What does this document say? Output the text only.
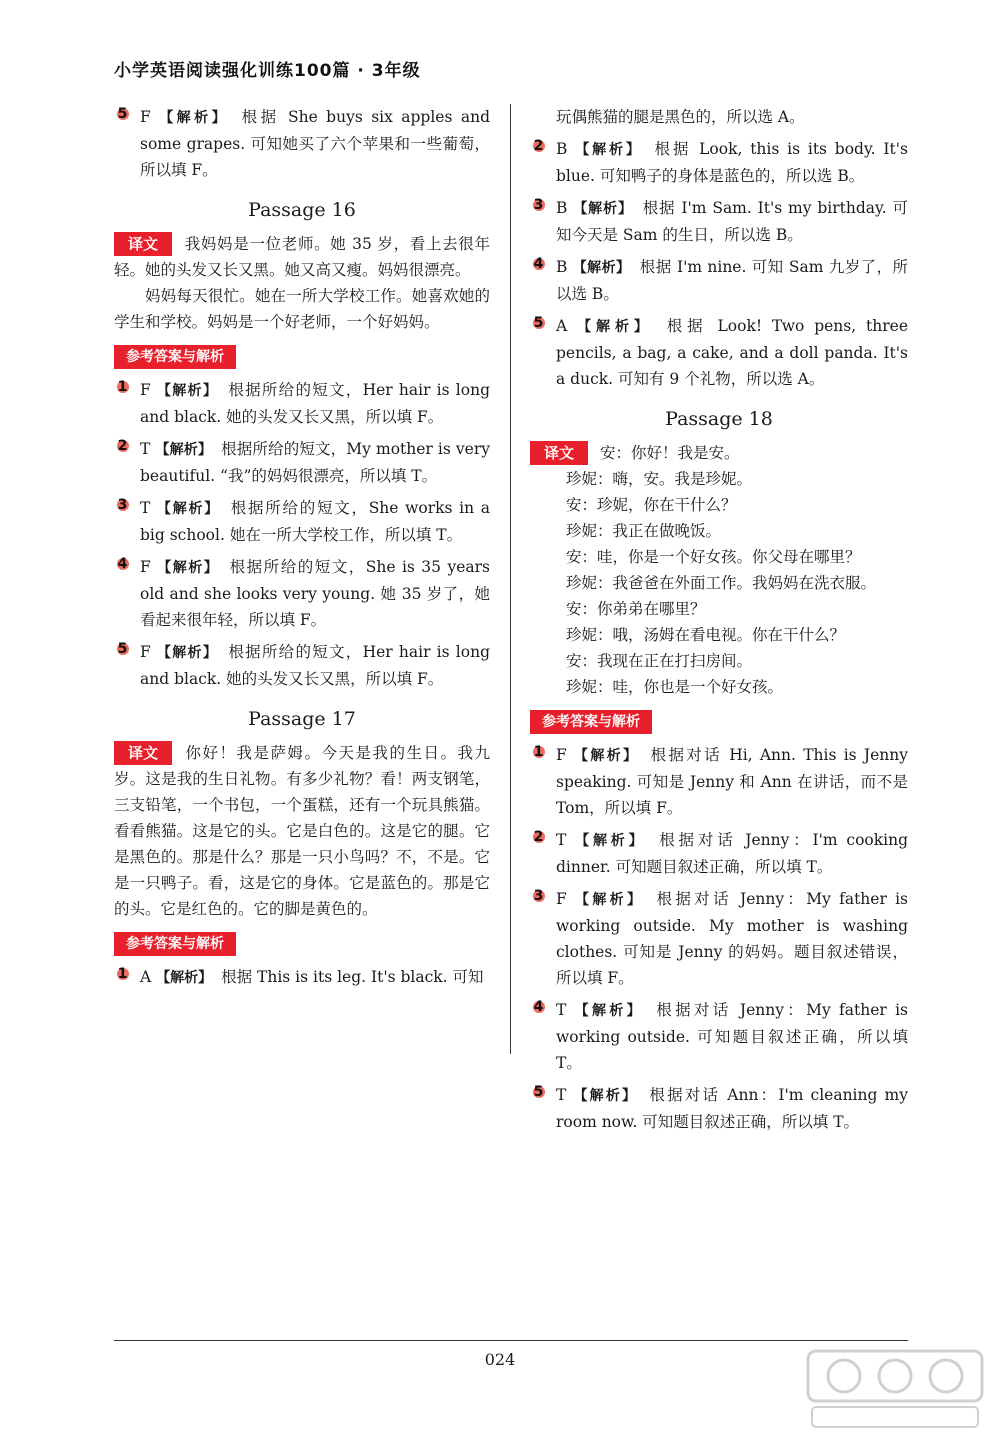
小学英语阅读强化训练100篇 · 3年级
5 F 【解析】 根据 She buys six apples and some grapes. 可知她买了六个苹果和一些葡萄，所以填 F。
Passage 16
译文 我妈妈是一位老师。她 35 岁，看上去很年轻。她的头发又长又黑。她又高又瘦。妈妈很漂亮。
妈妈每天很忙。她在一所大学校工作。她喜欢她的学生和学校。妈妈是一个好老师，一个好妈妈。
参考答案与解析
1 F 【解析】 根据所给的短文，Her hair is long and black. 她的头发又长又黑，所以填 F。
2 T 【解析】 根据所给的短文，My mother is very beautiful. “我”的妈妈很漂亮，所以填 T。
3 T 【解析】 根据所给的短文，She works in a big school. 她在一所大学校工作，所以填 T。
4 F 【解析】 根据所给的短文，She is 35 years old and she looks very young. 她 35 岁了，她看起来很年轻，所以填 F。
5 F 【解析】 根据所给的短文，Her hair is long and black. 她的头发又长又黑，所以填 F。
Passage 17
译文 你好！我是萨姆。今天是我的生日。我九岁。这是我的生日礼物。有多少礼物？看！两支钢笔，三支铅笔，一个书包，一个蛋糕，还有一个玩具熊猫。看看熊猫。这是它的头。它是白色的。这是它的腿。它是黑色的。那是什么？那是一只小鸟吗？不，不是。它是一只鸭子。看，这是它的身体。它是蓝色的。那是它的头。它是红色的。它的脚是黄色的。
参考答案与解析
1 A 【解析】 根据 This is its leg. It's black. 可知
玩偶熊猫的腿是黑色的，所以选 A。
2 B 【解析】 根据 Look, this is its body. It's blue. 可知鸭子的身体是蓝色的，所以选 B。
3 B 【解析】 根据 I'm Sam. It's my birthday. 可知今天是 Sam 的生日，所以选 B。
4 B 【解析】 根据 I'm nine. 可知 Sam 九岁了，所以选 B。
5 A 【解析】 根据 Look! Two pens, three pencils, a bag, a cake, and a doll panda. It's a duck. 可知有 9 个礼物，所以选 A。
Passage 18
译文 安：你好！我是安。
珍妮：嗨，安。我是珍妮。
安：珍妮，你在干什么？
珍妮：我正在做晚饭。
安：哇，你是一个好女孩。你父母在哪里？
珍妮：我爸爸在外面工作。我妈妈在洗衣服。
安：你弟弟在哪里？
珍妮：哦，汤姆在看电视。你在干什么？
安：我现在正在打扫房间。
珍妮：哇，你也是一个好女孩。
参考答案与解析
1 F 【解析】 根据对话 Hi, Ann. This is Jenny speaking. 可知是 Jenny 和 Ann 在讲话，而不是 Tom，所以填 F。
2 T 【解析】 根据对话 Jenny：I'm cooking dinner. 可知题目叙述正确，所以填 T。
3 F 【解析】 根据对话 Jenny：My father is working outside. My mother is washing clothes. 可知是 Jenny 的妈妈。题目叙述错误，所以填 F。
4 T 【解析】 根据对话 Jenny：My father is working outside. 可知题目叙述正确，所以填 T。
5 T 【解析】 根据对话 Ann：I'm cleaning my room now. 可知题目叙述正确，所以填 T。
024
